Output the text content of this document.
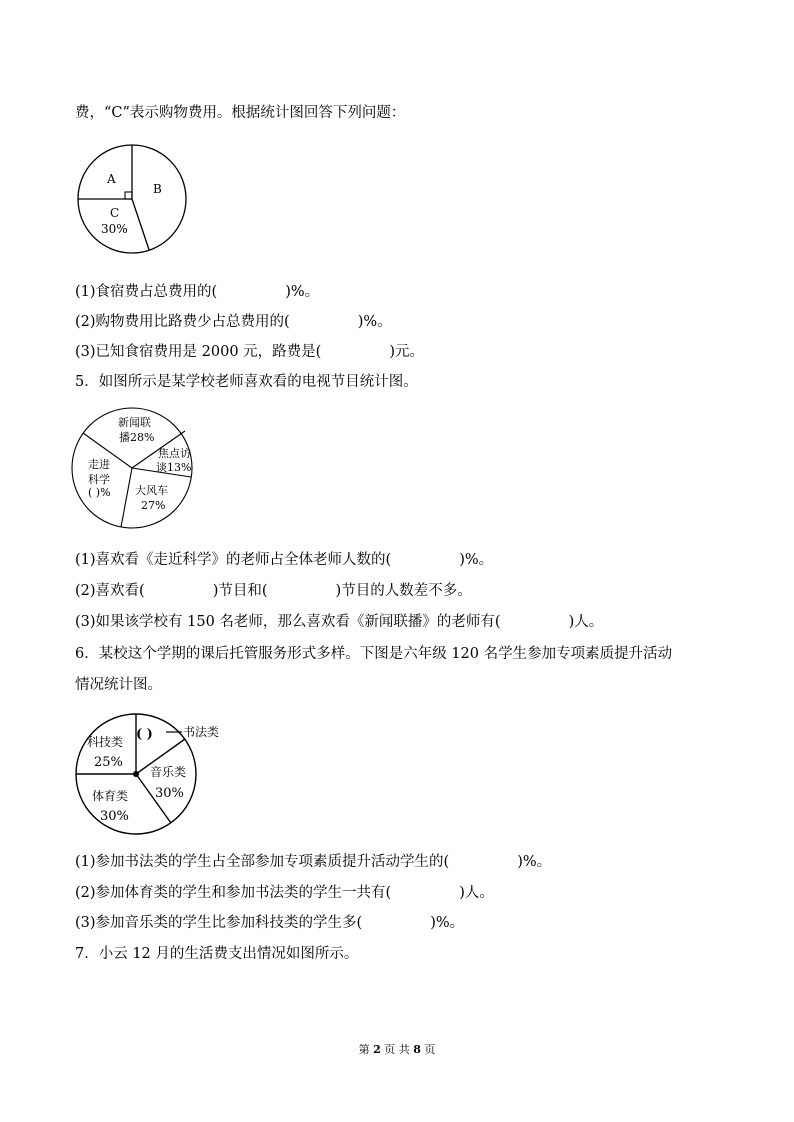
费，“C”表示购物费用。根据统计图回答下列问题：
A
B
C
30%
(1)食宿费占总费用的(	)%。
(2)购物费用比路费少占总费用的(	)%。
(3)已知食宿费用是 2000 元，路费是(	)元。
5．如图所示是某学校老师喜欢看的电视节目统计图。
新闻联
播28%
焦点访
谈13%
大风车
27%
走进
科学
( )%
(1)喜欢看《走近科学》的老师占全体老师人数的(	)%。
(2)喜欢看(	)节目和(	)节目的人数差不多。
(3)如果该学校有 150 名老师，那么喜欢看《新闻联播》的老师有(	)人。
6．某校这个学期的课后托管服务形式多样。下图是六年级 120 名学生参加专项素质提升活动
情况统计图。
科技类
25%
( )	书法类
音乐类
30%
体育类
30%
(1)参加书法类的学生占全部参加专项素质提升活动学生的(	)%。
(2)参加体育类的学生和参加书法类的学生一共有(	)人。
(3)参加音乐类的学生比参加科技类的学生多(	)%。
7．小云 12 月的生活费支出情况如图所示。
第 2 页 共 8 页
